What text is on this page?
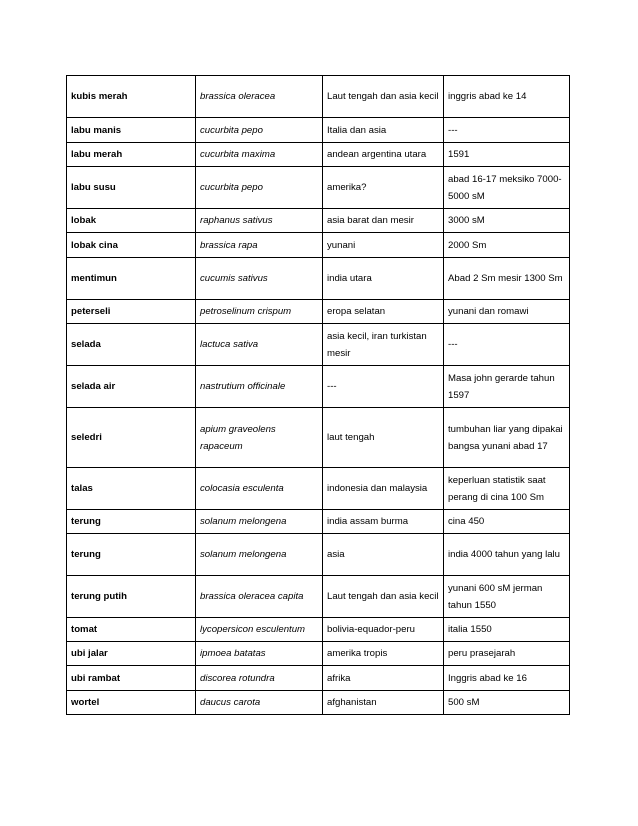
kubis merah	brassica oleracea	Laut tengah dan asia kecil	inggris abad ke 14
labu manis	cucurbita pepo	Italia dan asia	---
labu merah	cucurbita maxima	andean argentina utara	1591
labu susu	cucurbita pepo	amerika?	abad 16-17 meksiko 7000-5000 sM
lobak	raphanus sativus	asia barat dan mesir	3000 sM
lobak cina	brassica rapa	yunani	2000 Sm
mentimun	cucumis sativus	india utara	Abad 2 Sm mesir 1300 Sm
peterseli	petroselinum crispum	eropa selatan	yunani dan romawi
selada	lactuca sativa	asia kecil, iran turkistan mesir	---
selada air	nastrutium officinale	---	Masa john gerarde tahun 1597
seledri	apium graveolens rapaceum	laut tengah	tumbuhan liar yang dipakai bangsa yunani abad 17
talas	colocasia esculenta	indonesia dan malaysia	keperluan statistik saat perang di cina 100 Sm
terung	solanum melongena	india assam burma	cina 450
terung	solanum melongena	asia	india 4000 tahun yang lalu
terung putih	brassica oleracea capita	Laut tengah dan asia kecil	yunani 600 sM jerman tahun 1550
tomat	lycopersicon esculentum	bolivia-equador-peru	italia 1550
ubi jalar	ipmoea batatas	amerika tropis	peru prasejarah
ubi rambat	discorea rotundra	afrika	Inggris abad ke 16
wortel	daucus carota	afghanistan	500 sM
